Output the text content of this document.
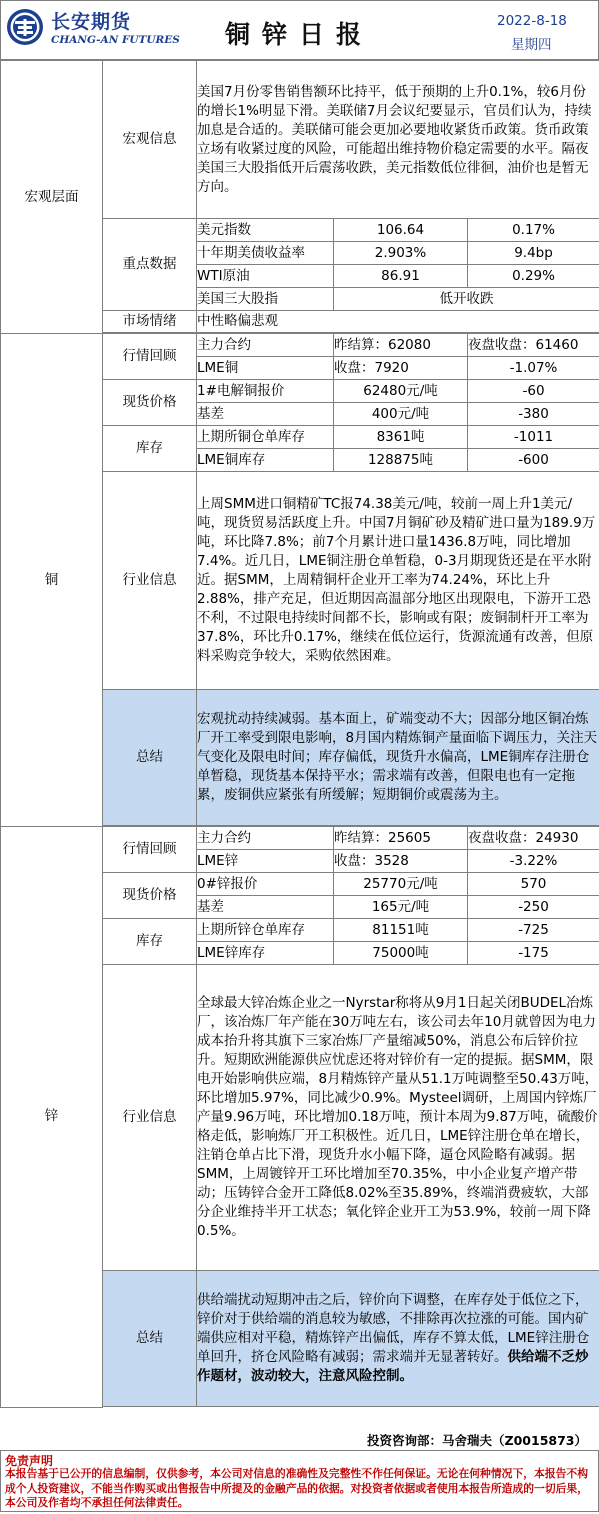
长安期货
CHANG-AN FUTURES 铜锌日报	2022-8-18
星期四
宏观层面	宏观信息	美国7月份零售销售额环比持平，低于预期的上升0.1%，较6月份的增长1%明显下滑。美联储7月会议纪要显示，官员们认为，持续加息是合适的。美联储可能会更加必要地收紧货币政策。货币政策立场有收紧过度的风险，可能超出维持物价稳定需要的水平。隔夜美国三大股指低开后震荡收跌，美元指数低位徘徊，油价也是暂无方向。		
	重点数据	美元指数	106.64	0.17%
		十年期美债收益率	2.903%	9.4bp
		WTI原油	86.91	0.29%
		美国三大股指	低开收跌	
	市场情绪	中性略偏悲观		

铜	行情回顾	主力合约	昨结算：62080	夜盘收盘：61460
		LME铜	收盘：7920	-1.07%
	现货价格	1#电解铜报价	62480元/吨	-60
		基差	400元/吨	-380
	库存	上期所铜仓单库存	8361吨	-1011
		LME铜库存	128875吨	-600
	行业信息	上周SMM进口铜精矿TC报74.38美元/吨，较前一周上升1美元/吨，现货贸易活跃度上升。中国7月铜矿砂及精矿进口量为189.9万吨，环比降7.8%；前7个月累计进口量1436.8万吨，同比增加7.4%。近几日，LME铜注册仓单暂稳，0-3月期现货还是在平水附近。据SMM，上周精铜杆企业开工率为74.24%，环比上升2.88%，排产充足，但近期因高温部分地区出现限电，下游开工恐不利，不过限电持续时间都不长，影响或有限；废铜制杆开工率为37.8%，环比升0.17%，继续在低位运行，货源流通有改善，但原料采购竞争较大，采购依然困难。		
	总结	宏观扰动持续减弱。基本面上，矿端变动不大；因部分地区铜冶炼厂开工率受到限电影响，8月国内精炼铜产量面临下调压力，关注天气变化及限电时间；库存偏低，现货升水偏高，LME铜库存注册仓单暂稳，现货基本保持平水；需求端有改善，但限电也有一定拖累，废铜供应紧张有所缓解；短期铜价或震荡为主。		

锌	行情回顾	主力合约	昨结算：25605	夜盘收盘：24930
		LME锌	收盘：3528	-3.22%
	现货价格	0#锌报价	25770元/吨	570
		基差	165元/吨	-250
	库存	上期所锌仓单库存	81151吨	-725
		LME锌库存	75000吨	-175
	行业信息	全球最大锌冶炼企业之一Nyrstar称将从9月1日起关闭BUDEL冶炼厂，该冶炼厂年产能在30万吨左右，该公司去年10月就曾因为电力成本抬升将其旗下三家冶炼厂产量缩减50%，消息公布后锌价拉升。短期欧洲能源供应忧虑还将对锌价有一定的提振。据SMM，限电开始影响供应端，8月精炼锌产量从51.1万吨调整至50.43万吨，环比增加5.97%，同比减少0.9%。Mysteel调研，上周国内锌炼厂产量9.96万吨，环比增加0.18万吨，预计本周为9.87万吨，硫酸价格走低，影响炼厂开工积极性。近几日，LME锌注册仓单在增长，注销仓单占比下滑，现货升水小幅下降，逼仓风险略有减弱。据SMM，上周镀锌开工环比增加至70.35%，中小企业复产增产带动；压铸锌合金开工降低8.02%至35.89%，终端消费疲软，大部分企业维持半开工状态；氧化锌企业开工为53.9%，较前一周下降0.5%。		
	总结	供给端扰动短期冲击之后，锌价向下调整，在库存处于低位之下，锌价对于供给端的消息较为敏感，不排除再次拉涨的可能。国内矿端供应相对平稳，精炼锌产出偏低，库存不算太低，LME锌注册仓单回升，挤仓风险略有减弱；需求端并无显著转好。供给端不乏炒作题材，波动较大，注意风险控制。		

投资咨询部：马舍瑞夫（Z0015873）
免责声明
本报告基于已公开的信息编制，仅供参考，本公司对信息的准确性及完整性不作任何保证。无论在何种情况下，本报告不构成个人投资建议，不能当作购买或出售报告中所提及的金融产品的依据。对投资者依据或者使用本报告所造成的一切后果，本公司及作者均不承担任何法律责任。
